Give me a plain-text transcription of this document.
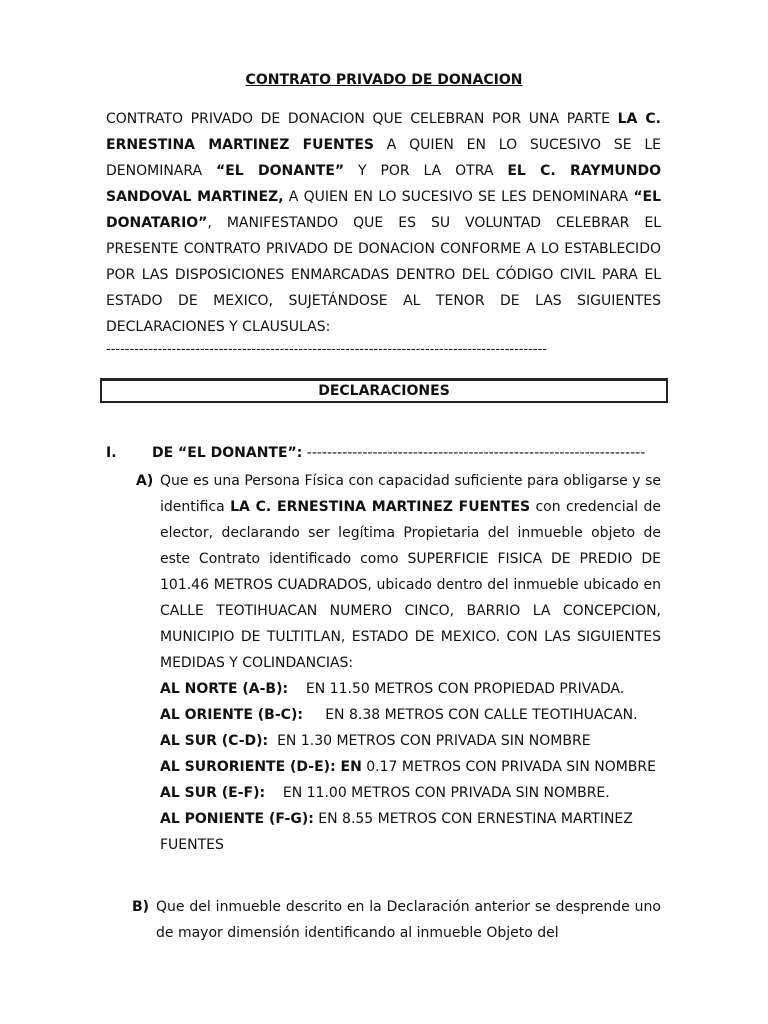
CONTRATO PRIVADO DE DONACION

CONTRATO PRIVADO DE DONACION QUE CELEBRAN POR UNA PARTE LA C. ERNESTINA MARTINEZ FUENTES A QUIEN EN LO SUCESIVO SE LE DENOMINARA “EL DONANTE” Y POR LA OTRA EL C. RAYMUNDO SANDOVAL MARTINEZ, A QUIEN EN LO SUCESIVO SE LES DENOMINARA “EL DONATARIO”, MANIFESTANDO QUE ES SU VOLUNTAD CELEBRAR EL PRESENTE CONTRATO PRIVADO DE DONACION CONFORME A LO ESTABLECIDO POR LAS DISPOSICIONES ENMARCADAS DENTRO DEL CÓDIGO CIVIL PARA EL ESTADO DE MEXICO, SUJETÁNDOSE AL TENOR DE LAS SIGUIENTES DECLARACIONES Y CLAUSULAS:

----------------------------------------------------------------------------------------------
DECLARACIONES
I.	DE “EL DONANTE”: -------------------------------------------------------------------

A) Que es una Persona Física con capacidad suficiente para obligarse y se identifica LA C. ERNESTINA MARTINEZ FUENTES con credencial de elector, declarando ser legítima Propietaria del inmueble objeto de este Contrato identificado como SUPERFICIE FISICA DE PREDIO DE 101.46 METROS CUADRADOS, ubicado dentro del inmueble ubicado en CALLE TEOTIHUACAN NUMERO CINCO, BARRIO LA CONCEPCION, MUNICIPIO DE TULTITLAN, ESTADO DE MEXICO. CON LAS SIGUIENTES MEDIDAS Y COLINDANCIAS:

AL NORTE (A-B):    EN 11.50 METROS CON PROPIEDAD PRIVADA.
AL ORIENTE (B-C):     EN 8.38 METROS CON CALLE TEOTIHUACAN.
AL SUR (C-D):  EN 1.30 METROS CON PRIVADA SIN NOMBRE
AL SURORIENTE (D-E): EN 0.17 METROS CON PRIVADA SIN NOMBRE
AL SUR (E-F):    EN 11.00 METROS CON PRIVADA SIN NOMBRE.
AL PONIENTE (F-G): EN 8.55 METROS CON ERNESTINA MARTINEZ FUENTES

B) Que del inmueble descrito en la Declaración anterior se desprende uno de mayor dimensión identificando al inmueble Objeto del
